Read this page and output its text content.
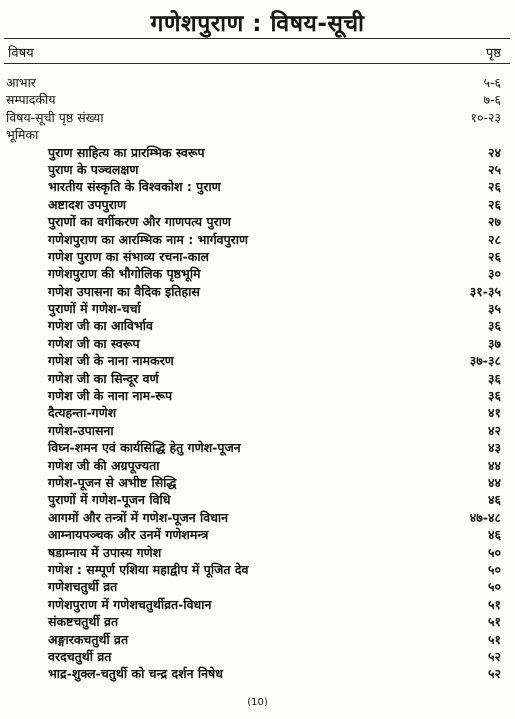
गणेशपुराण : विषय-सूची
विषय	पृष्ठ
आभार	५-६
सम्पादकीय	७-६
विषय-सूची पृष्ठ संख्या	१०-२३
भूमिका
पुराण साहित्य का प्रारम्भिक स्वरूप	२४
पुराण के पञ्चलक्षण	२५
भारतीय संस्कृति के विश्वकोश : पुराण	२६
अष्टादश उपपुराण	२६
पुराणों का वर्गीकरण और गाणपत्य पुराण	२७
गणेशपुराण का आरम्भिक नाम : भार्गवपुराण	२८
गणेश पुराण का संभाव्य रचना-काल	२६
गणेशपुराण की भौगोलिक पृष्ठभूमि	३०
गणेश उपासना का वैदिक इतिहास	३१-३५
पुराणों में गणेश-चर्चा	३५
गणेश जी का आविर्भाव	३६
गणेश जी का स्वरूप	३७
गणेश जी के नाना नामकरण	३७-३८
गणेश जी का सिन्दूर वर्ण	३६
गणेश जी के नाना नाम-रूप	३६
दैत्यहन्ता-गणेश	४१
गणेश-उपासना	४२
विघ्न-शमन एवं कार्यसिद्धि हेतु गणेश-पूजन	४३
गणेश जी की अग्रपूज्यता	४४
गणेश-पूजन से अभीष्ट सिद्धि	४४
पुराणों में गणेश-पूजन विधि	४६
आगमों और तन्त्रों में गणेश-पूजन विधान	४७-४८
आम्नायपञ्चक और उनमें गणेशमन्त्र	४६
षडाम्नाय में उपास्य गणेश	५०
गणेश : सम्पूर्ण एशिया महाद्वीप में पूजित देव	५०
गणेशचतुर्थी व्रत	५०
गणेशपुराण में गणेशचतुर्थीव्रत-विधान	५१
संकष्टचतुर्थी व्रत	५१
अङ्गारकचतुर्थी व्रत	५१
वरदचतुर्थी व्रत	५२
भाद्र-शुक्ल-चतुर्थी को चन्द्र दर्शन निषेध	५२
(10)
